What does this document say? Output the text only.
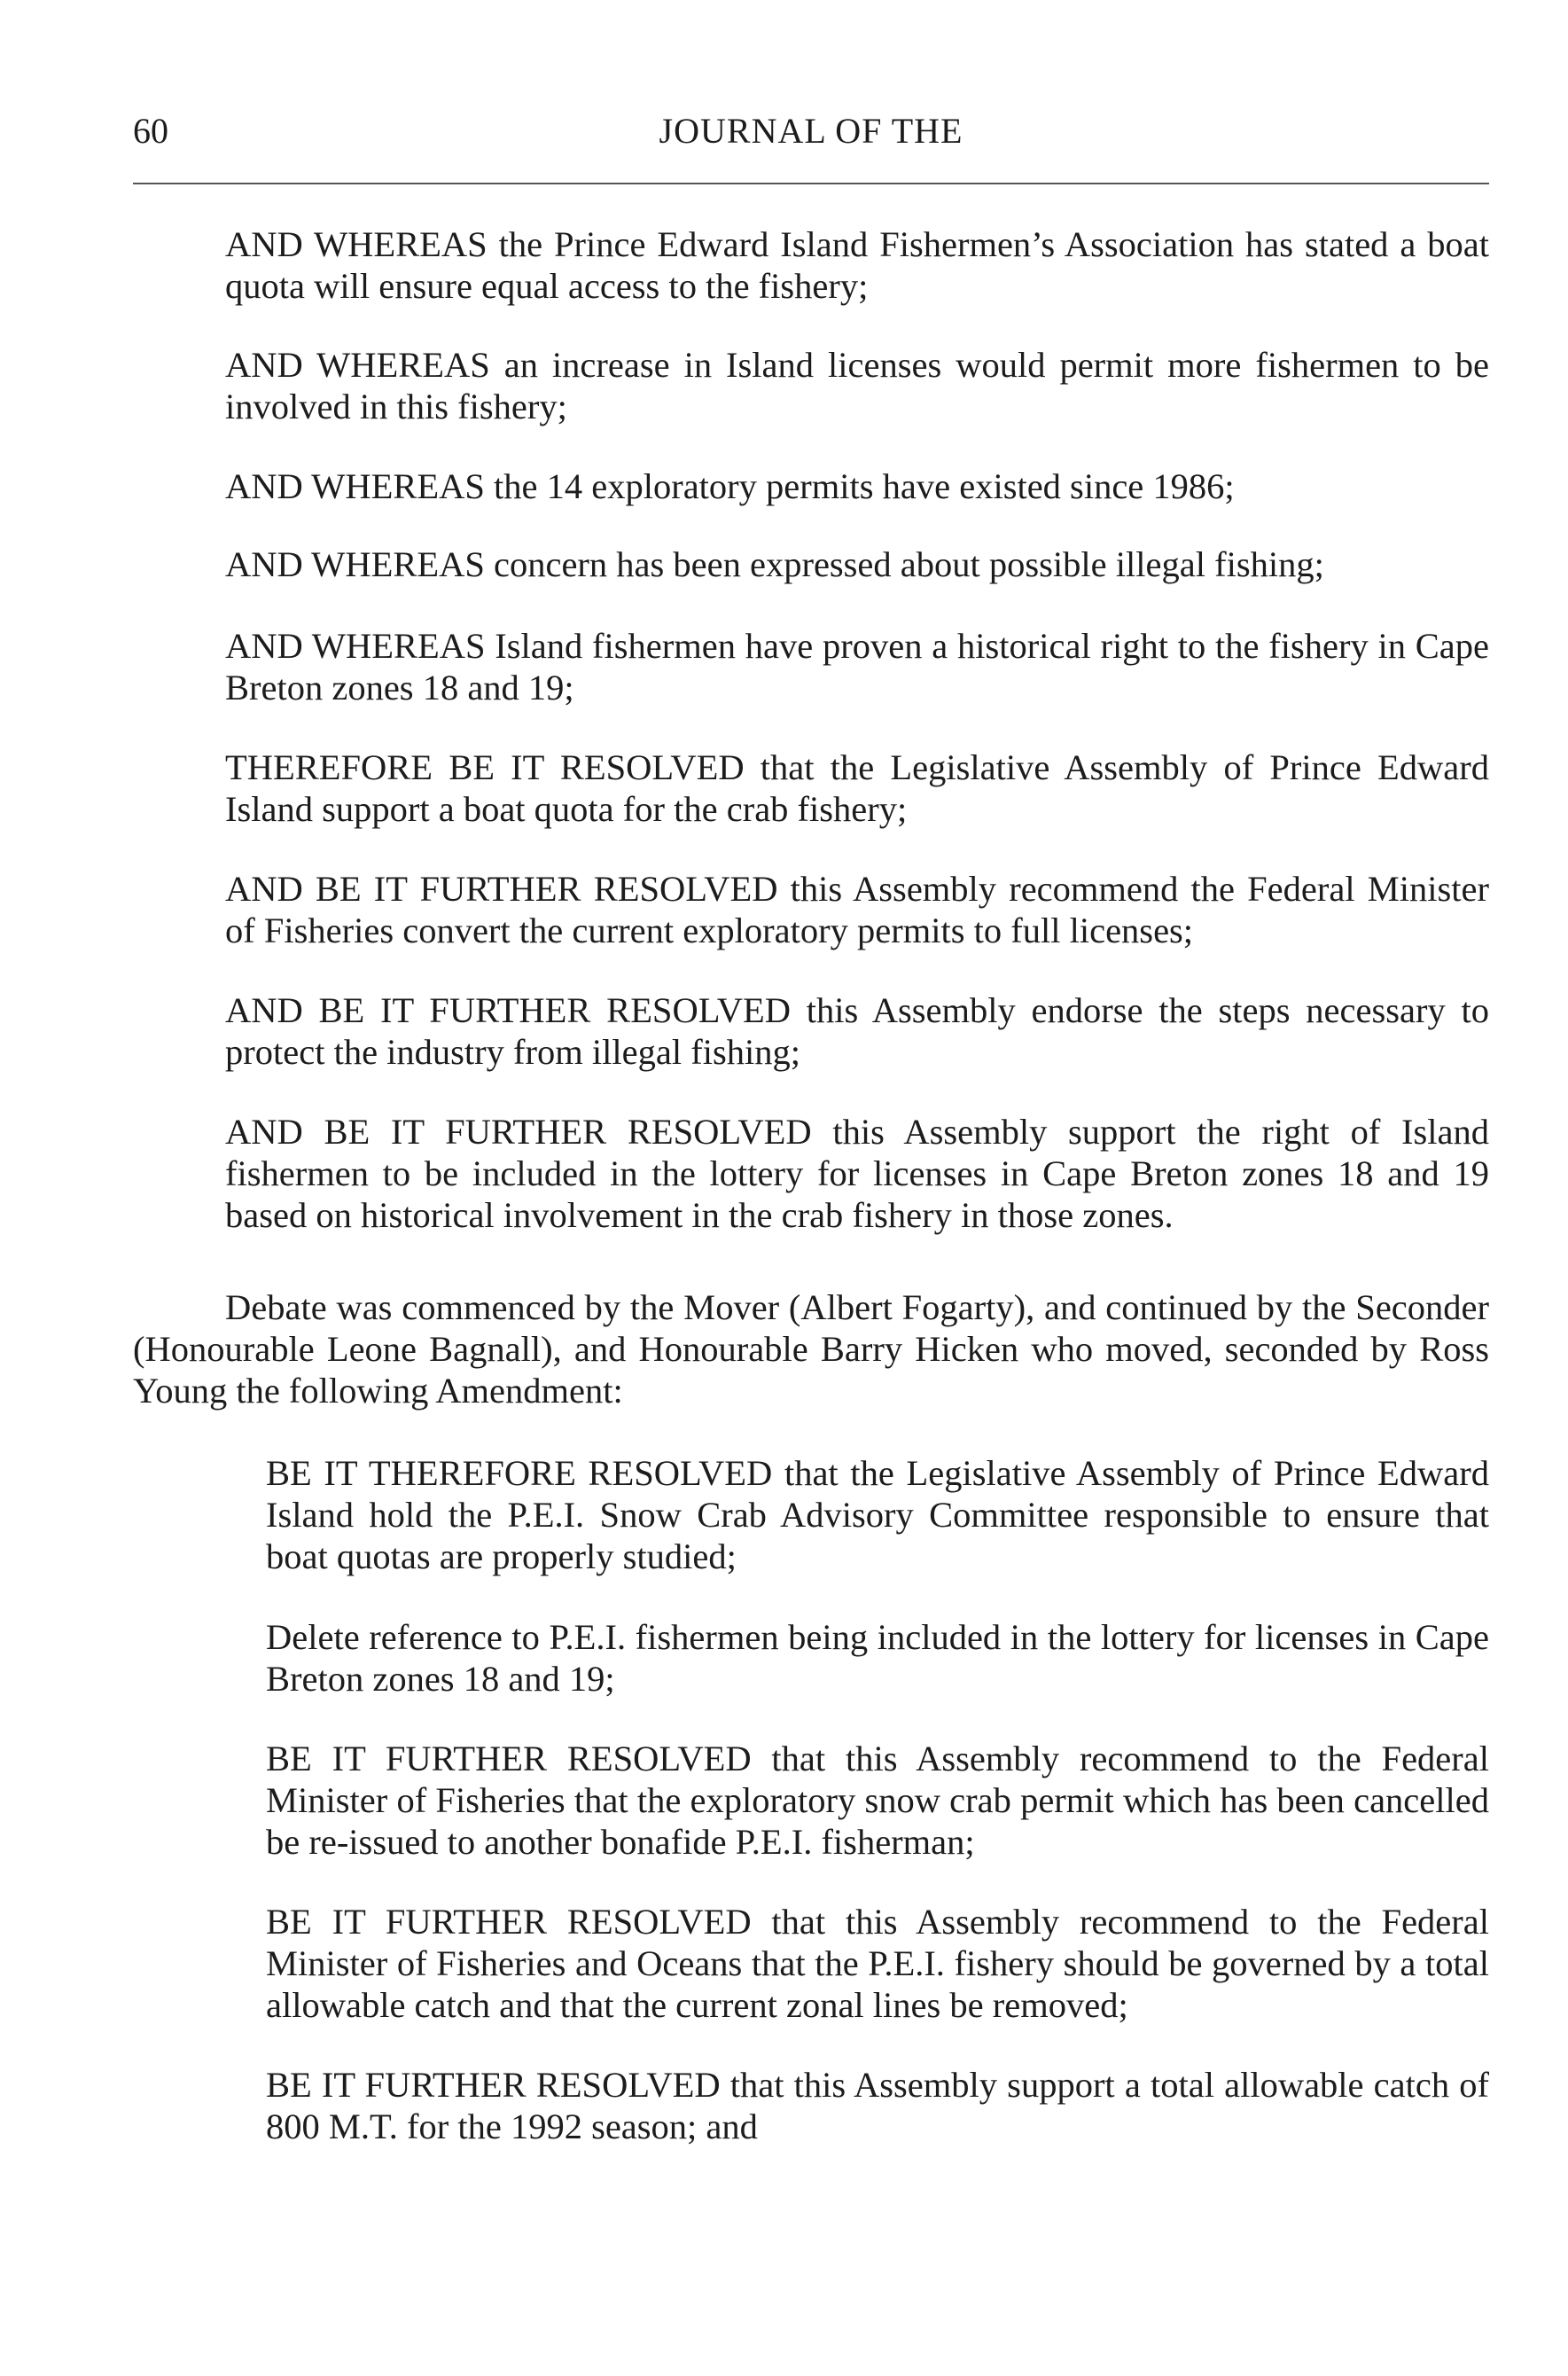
60	JOURNAL OF THE

AND WHEREAS the Prince Edward Island Fishermen’s Association has stated a boat quota will ensure equal access to the fishery;

AND WHEREAS an increase in Island licenses would permit more fishermen to be involved in this fishery;

AND WHEREAS the 14 exploratory permits have existed since 1986;

AND WHEREAS concern has been expressed about possible illegal fishing;

AND WHEREAS Island fishermen have proven a historical right to the fishery in Cape Breton zones 18 and 19;

THEREFORE BE IT RESOLVED that the Legislative Assembly of Prince Edward Island support a boat quota for the crab fishery;

AND BE IT FURTHER RESOLVED this Assembly recommend the Federal Minister of Fisheries convert the current exploratory permits to full licenses;

AND BE IT FURTHER RESOLVED this Assembly endorse the steps necessary to protect the industry from illegal fishing;

AND BE IT FURTHER RESOLVED this Assembly support the right of Island fishermen to be included in the lottery for licenses in Cape Breton zones 18 and 19 based on historical involvement in the crab fishery in those zones.

Debate was commenced by the Mover (Albert Fogarty), and continued by the Seconder (Honourable Leone Bagnall), and Honourable Barry Hicken who moved, seconded by Ross Young the following Amendment:

BE IT THEREFORE RESOLVED that the Legislative Assembly of Prince Edward Island hold the P.E.I. Snow Crab Advisory Committee responsible to ensure that boat quotas are properly studied;

Delete reference to P.E.I. fishermen being included in the lottery for licenses in Cape Breton zones 18 and 19;

BE IT FURTHER RESOLVED that this Assembly recommend to the Federal Minister of Fisheries that the exploratory snow crab permit which has been cancelled be re-issued to another bonafide P.E.I. fisherman;

BE IT FURTHER RESOLVED that this Assembly recommend to the Federal Minister of Fisheries and Oceans that the P.E.I. fishery should be governed by a total allowable catch and that the current zonal lines be removed;

BE IT FURTHER RESOLVED that this Assembly support a total allowable catch of 800 M.T. for the 1992 season; and
